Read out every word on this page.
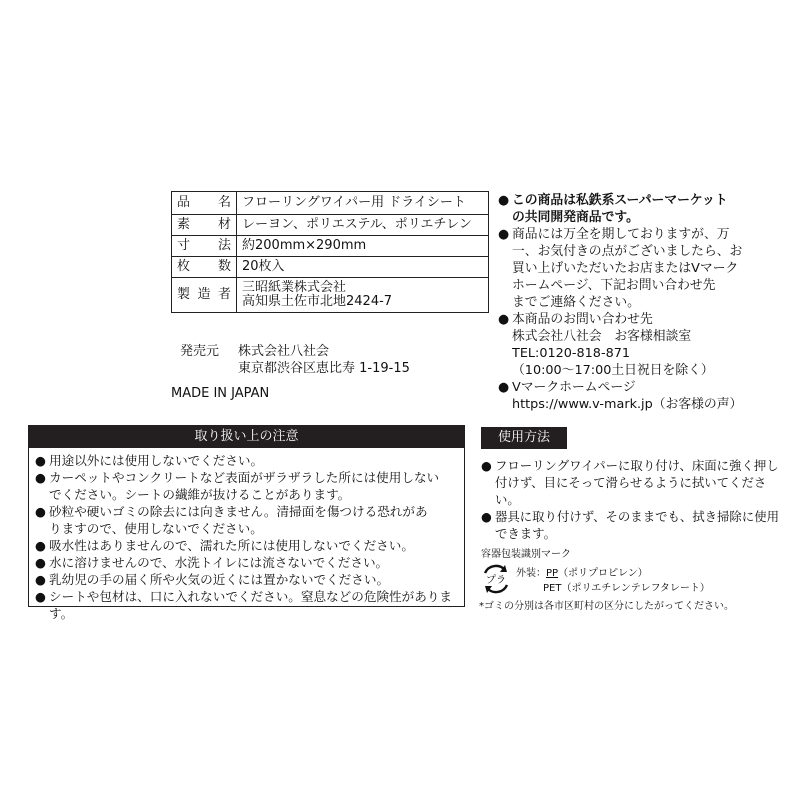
品名	フローリングワイパー用 ドライシート
素材	レーヨン、ポリエステル、ポリエチレン
寸法	約200mm×290mm
枚数	20枚入
製造者	三昭紙業株式会社
高知県土佐市北地2424-7
発売元 株式会社八社会
東京都渋谷区恵比寿 1-19-15
MADE IN JAPAN
● この商品は私鉄系スーパーマーケット
の共同開発商品です。
● 商品には万全を期しておりますが、万
一、お気付きの点がございましたら、お
買い上げいただいたお店またはVマーク
ホームページ、下記お問い合わせ先
までご連絡ください。
● 本商品のお問い合わせ先
株式会社八社会　お客様相談室
TEL:0120-818-871
（10:00～17:00土日祝日を除く）
● Vマークホームページ
https://www.v-mark.jp（お客様の声）
取り扱い上の注意
● 用途以外には使用しないでください。
● カーペットやコンクリートなど表面がザラザラした所には使用しない
でください。シートの繊維が抜けることがあります。
● 砂粒や硬いゴミの除去には向きません。清掃面を傷つける恐れがあ
りますので、使用しないでください。
● 吸水性はありませんので、濡れた所には使用しないでください。
● 水に溶けませんので、水洗トイレには流さないでください。
● 乳幼児の手の届く所や火気の近くには置かないでください。
● シートや包材は、口に入れないでください。窒息などの危険性があります。
使用方法
● フローリングワイパーに取り付け、床面に強く押し
付けず、目にそって滑らせるように拭いてください。
● 器具に取り付けず、そのままでも、拭き掃除に使用
できます。
容器包装識別マーク
プラ
外装：PP（ポリプロピレン）
PET（ポリエチレンテレフタレート）
*ゴミの分別は各市区町村の区分にしたがってください。
